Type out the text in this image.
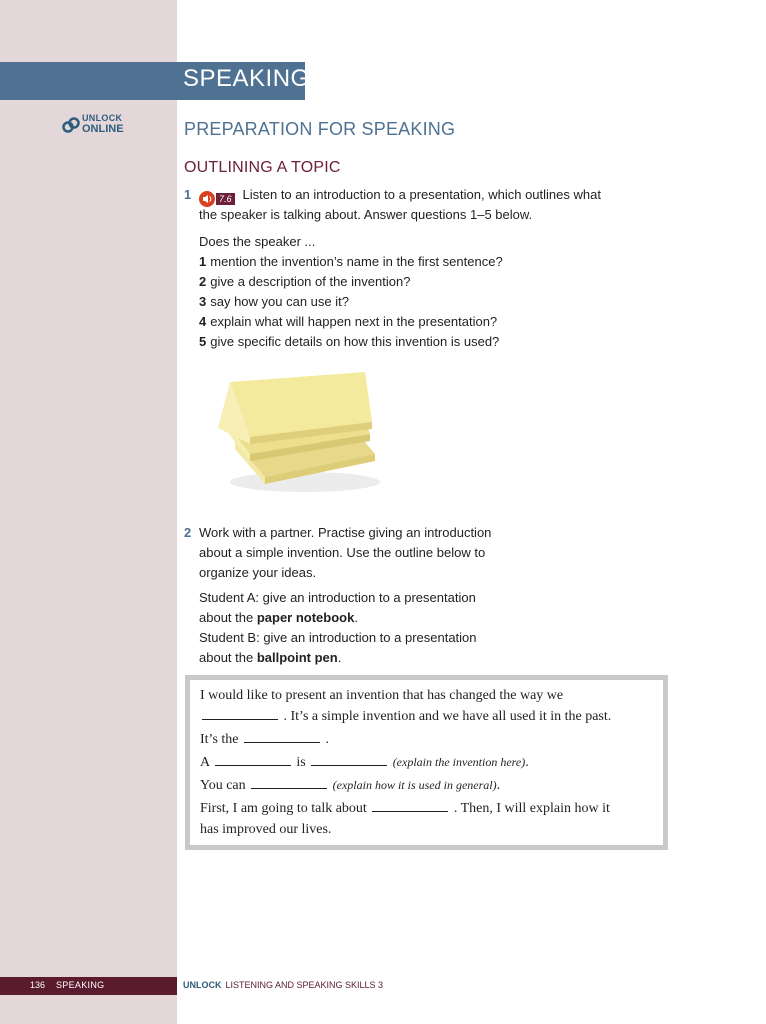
SPEAKING
UNLOCK
ONLINE	PREPARATION FOR SPEAKING
OUTLINING A TOPIC
1	7.6 Listen to an introduction to a presentation, which outlines what
the speaker is talking about. Answer questions 1–5 below.
Does the speaker ...
1 mention the invention’s name in the first sentence?
2 give a description of the invention?
3 say how you can use it?
4 explain what will happen next in the presentation?
5 give specific details on how this invention is used?
2 Work with a partner. Practise giving an introduction

about a simple invention. Use the outline below to

organize your ideas.

Student A: give an introduction to a presentation

about the paper notebook.

Student B: give an introduction to a presentation

about the ballpoint pen.

I would like to present an invention that has changed the way we
. It’s a simple invention and we have all used it in the past.
It’s the	.
A	is	(explain the invention here).
You can	(explain how it is used in general).
First, I am going to talk about	. Then, I will explain how it
has improved our lives.
136 SPEAKING	UNLOCK LISTENING AND SPEAKING SKILLS 3
